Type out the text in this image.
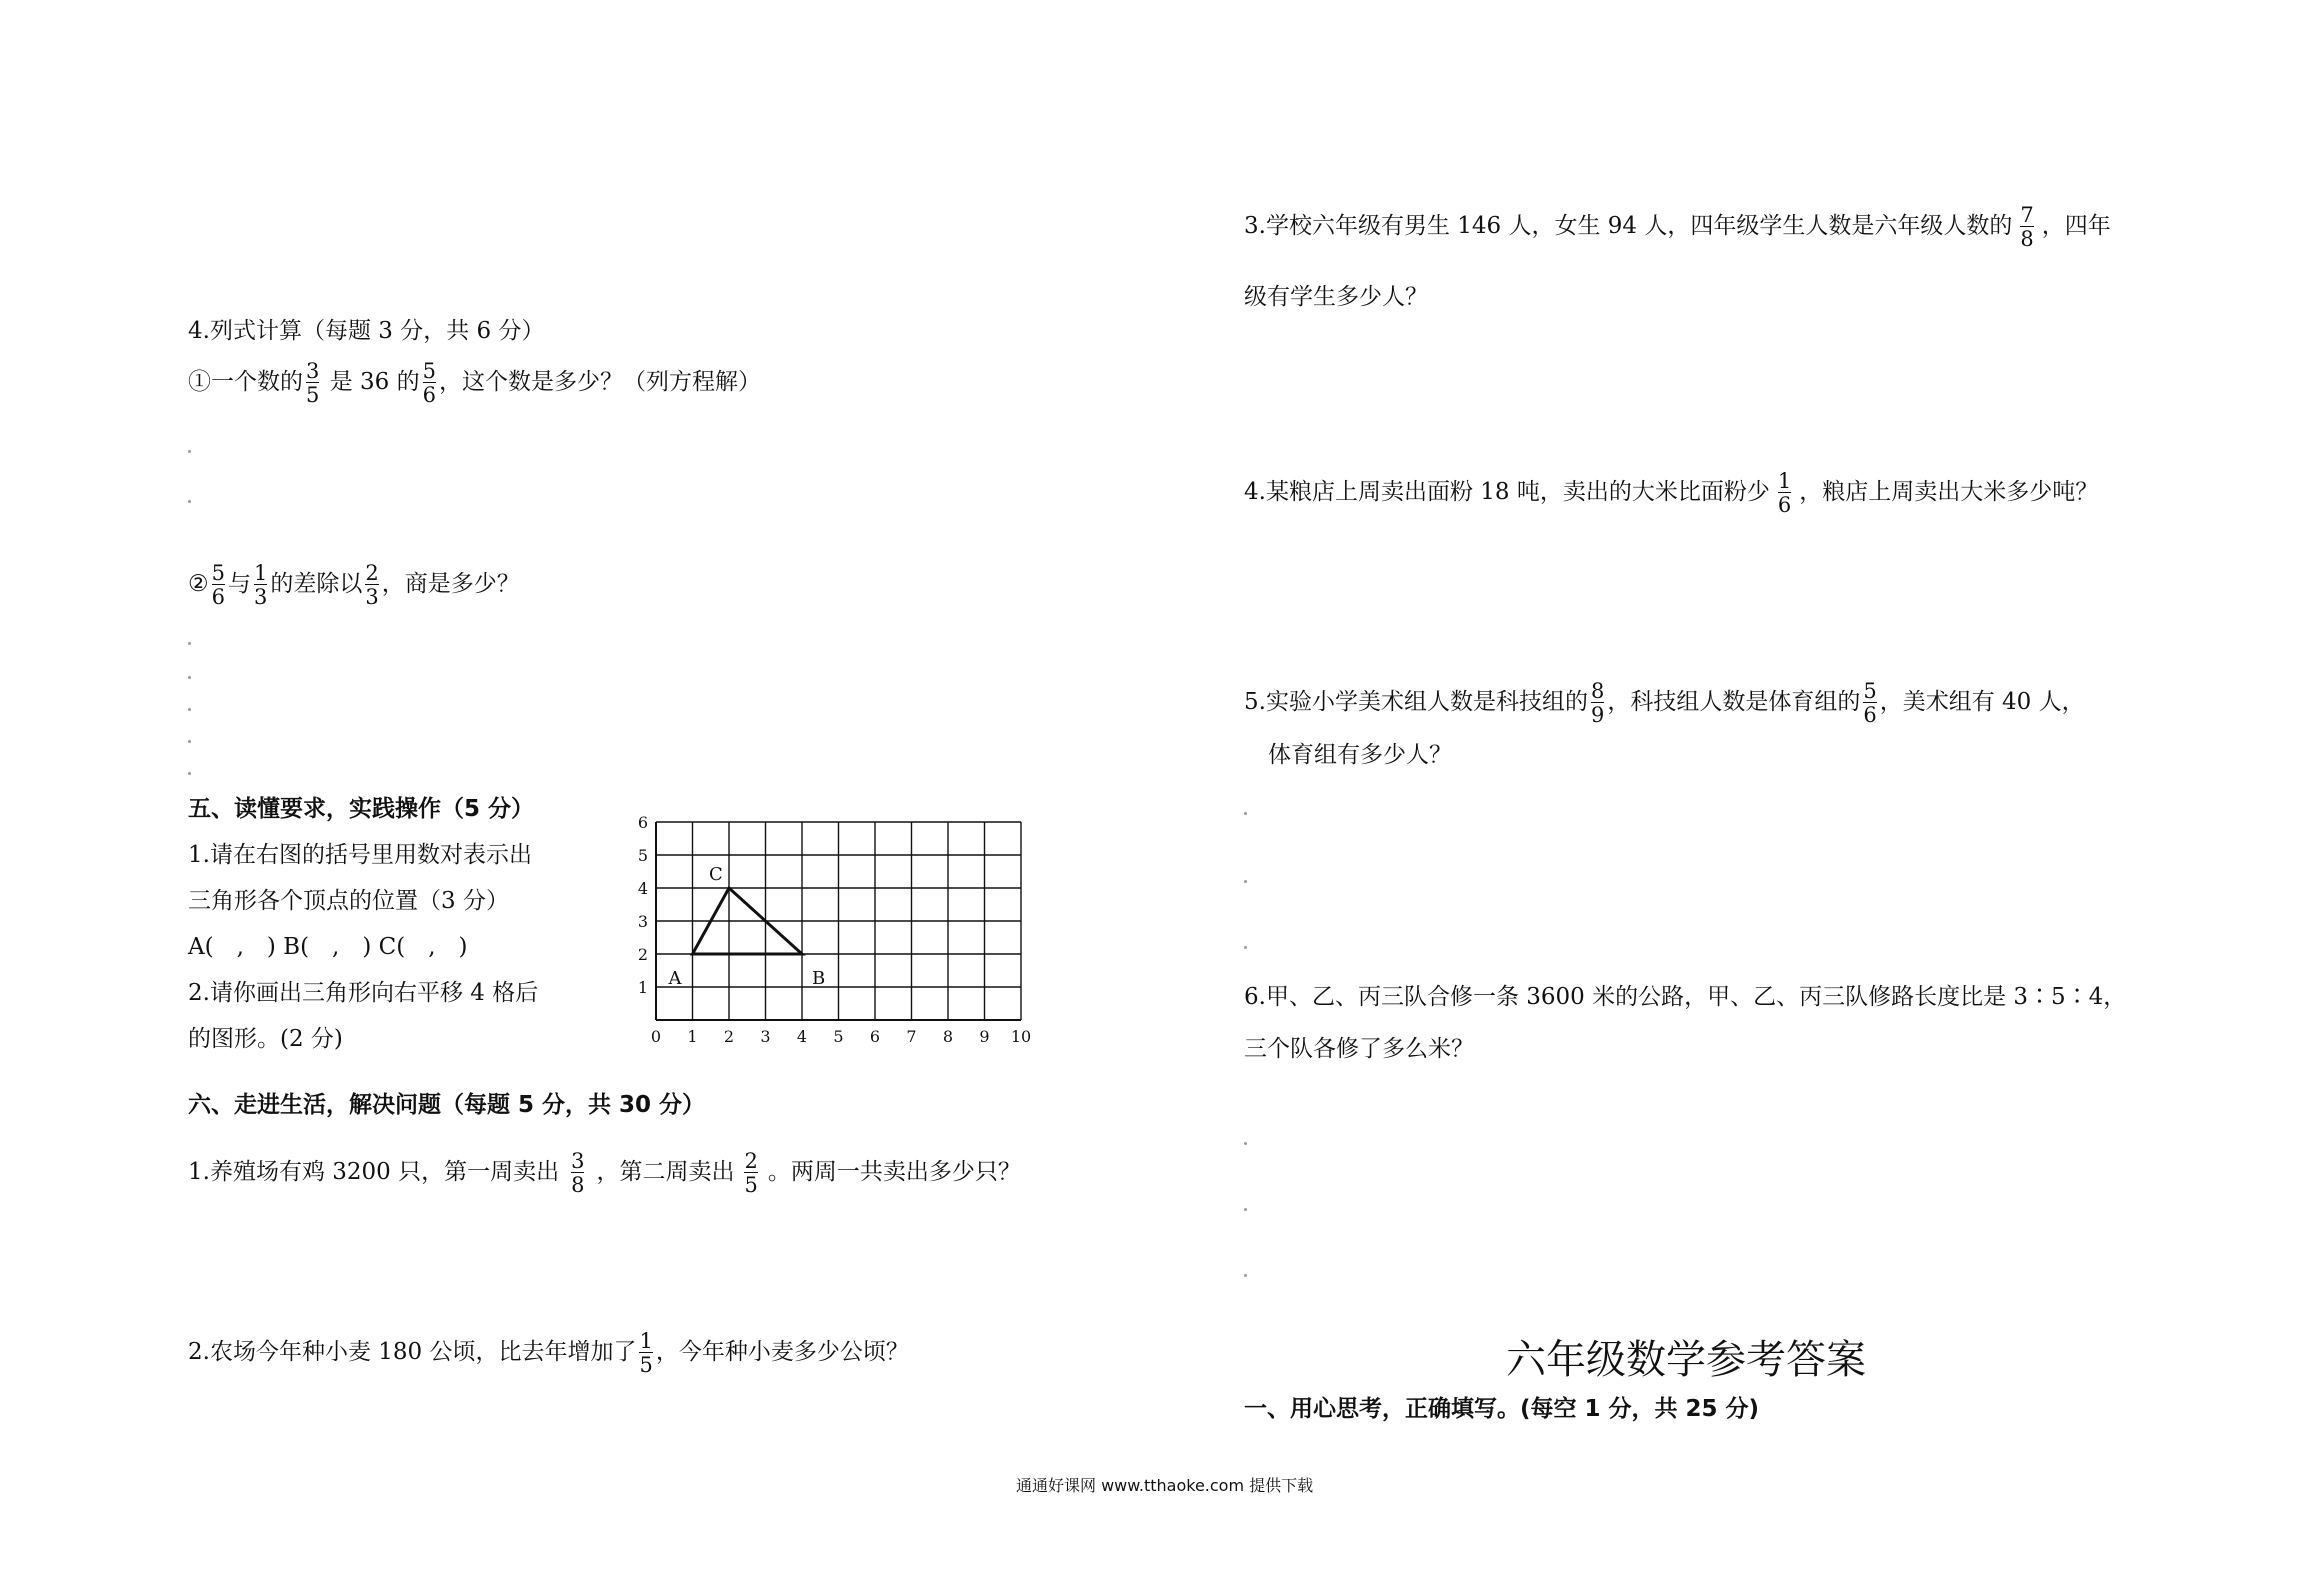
4.列式计算（每题 3 分，共 6 分）
①一个数的 $\frac{3}{5}$ 是 36 的 $\frac{5}{6}$ ，这个数是多少？（列方程解）
② $\frac{5}{6}$ 与 $\frac{1}{3}$ 的差除以 $\frac{2}{3}$ ，商是多少？
五、读懂要求，实践操作（5 分）
1.请在右图的括号里用数对表示出
三角形各个顶点的位置（3 分）
A(　,　) B(　,　) C(　,　)
2.请你画出三角形向右平移 4 格后
的图形。(2 分)	0 1 2 3 4 5 6 7 8 9 10
1
2
3
4
5
6
A	B
C
六、走进生活，解决问题（每题 5 分，共 30 分）
1.养殖场有鸡 3200 只，第一周卖出 $\frac{3}{8}$ ，第二周卖出 $\frac{2}{5}$ 。两周一共卖出多少只？
2.农场今年种小麦 180 公顷，比去年增加了 $\frac{1}{5}$ ，今年种小麦多少公顷？
3.学校六年级有男生 146 人，女生 94 人，四年级学生人数是六年级人数的 $\frac{7}{8}$ ，四年
级有学生多少人？
4.某粮店上周卖出面粉 18 吨，卖出的大米比面粉少 $\frac{1}{6}$ ，粮店上周卖出大米多少吨？
5.实验小学美术组人数是科技组的 $\frac{8}{9}$ ，科技组人数是体育组的 $\frac{5}{6}$ ，美术组有 40 人，
体育组有多少人？
6.甲、乙、丙三队合修一条 3600 米的公路，甲、乙、丙三队修路长度比是 3∶5∶4，
三个队各修了多么米？
六年级数学参考答案
一、用心思考，正确填写。(每空 1 分，共 25 分)
通通好课网 www.tthaoke.com 提供下载
